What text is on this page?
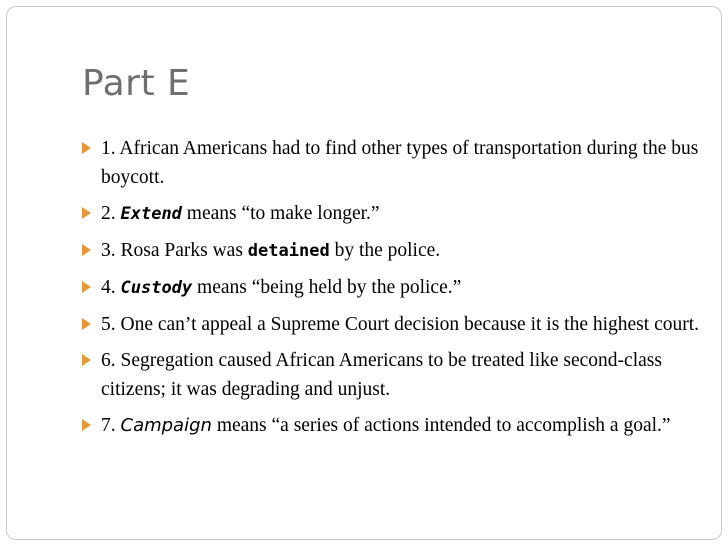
Part E
1. African Americans had to find other types of transportation during the bus boycott.
2. Extend means “to make longer.”
3. Rosa Parks was detained by the police.
4. Custody means “being held by the police.”
5. One can’t appeal a Supreme Court decision because it is the highest court.
6. Segregation caused African Americans to be treated like second-class citizens; it was degrading and unjust.
7. Campaign means “a series of actions intended to accomplish a goal.”
